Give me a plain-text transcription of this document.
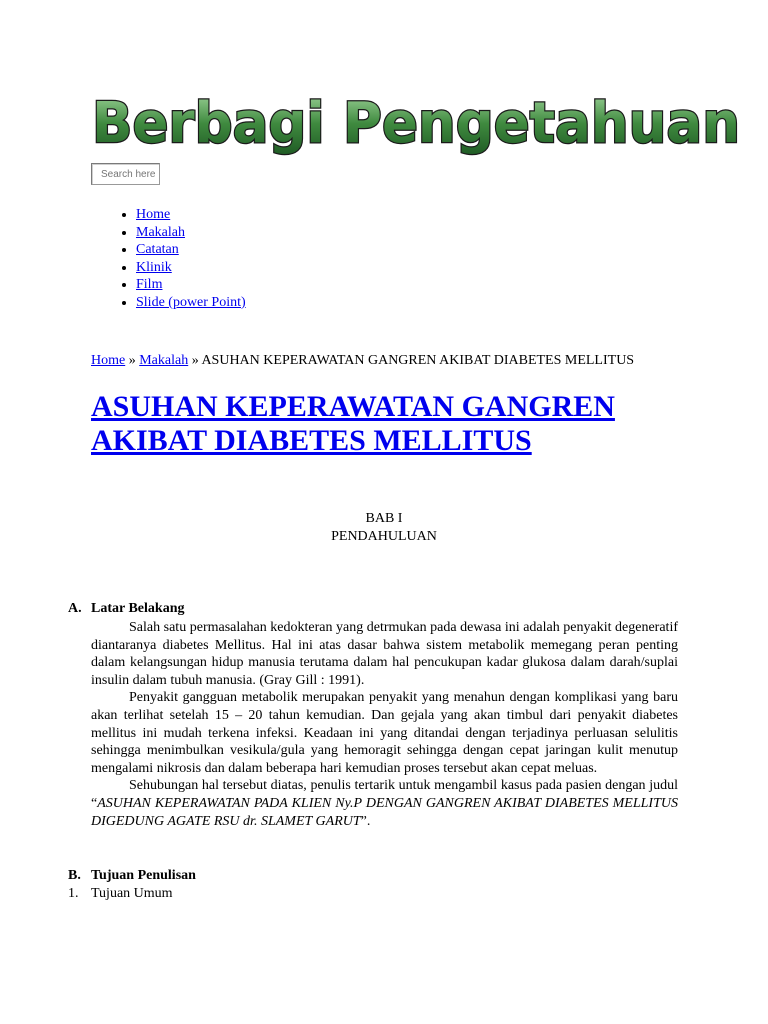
Berbagi Pengetahuan
Search here
• Home
• Makalah
• Catatan
• Klinik
• Film
• Slide (power Point)
Home » Makalah » ASUHAN KEPERAWATAN GANGREN AKIBAT DIABETES MELLITUS
ASUHAN KEPERAWATAN GANGREN AKIBAT DIABETES MELLITUS
BAB I
PENDAHULUAN
A. Latar Belakang

Salah satu permasalahan kedokteran yang detrmukan pada dewasa ini adalah penyakit degeneratif diantaranya diabetes Mellitus. Hal ini atas dasar bahwa sistem metabolik memegang peran penting dalam kelangsungan hidup manusia terutama dalam hal pencukupan kadar glukosa dalam darah/suplai insulin dalam tubuh manusia. (Gray Gill : 1991).

Penyakit gangguan metabolik merupakan penyakit yang menahun dengan komplikasi yang baru akan terlihat setelah 15 – 20 tahun kemudian. Dan gejala yang akan timbul dari penyakit diabetes mellitus ini mudah terkena infeksi. Keadaan ini yang ditandai dengan terjadinya perluasan selulitis sehingga menimbulkan vesikula/gula yang hemoragit sehingga dengan cepat jaringan kulit menutup mengalami nikrosis dan dalam beberapa hari kemudian proses tersebut akan cepat meluas.

Sehubungan hal tersebut diatas, penulis tertarik untuk mengambil kasus pada pasien dengan judul “ASUHAN KEPERAWATAN PADA KLIEN Ny.P DENGAN GANGREN AKIBAT DIABETES MELLITUS DIGEDUNG AGATE RSU dr. SLAMET GARUT”.

B. Tujuan Penulisan
1. Tujuan Umum
